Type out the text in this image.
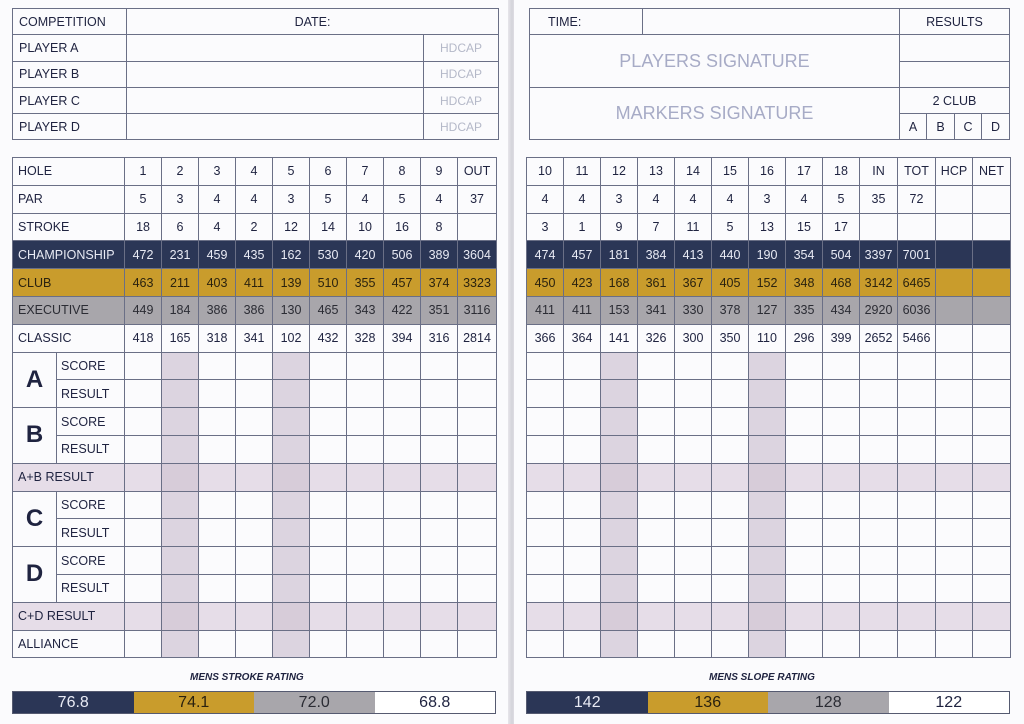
COMPETITION	DATE:	
PLAYER A		HDCAP
PLAYER B		HDCAP
PLAYER C		HDCAP
PLAYER D		HDCAP
HOLE		1	2	3	4	5	6	7	8	9	OUT
PAR		5	3	4	4	3	5	4	5	4	37
STROKE		18	6	4	2	12	14	10	16	8	
CHAMPIONSHIP		472	231	459	435	162	530	420	506	389	3604
CLUB		463	211	403	411	139	510	355	457	374	3323
EXECUTIVE		449	184	386	386	130	465	343	422	351	3116
CLASSIC		418	165	318	341	102	432	328	394	316	2814
A	SCORE										
	RESULT										
B	SCORE										
	RESULT										
A+B RESULT											
C	SCORE										
	RESULT										
D	SCORE										
	RESULT										
C+D RESULT											
ALLIANCE											
MENS STROKE RATING
76.8	74.1	72.0	68.8
TIME:		RESULTS			
PLAYERS SIGNATURE					

MARKERS SIGNATURE		2 CLUB			
		A	B	C	D
10	11	12	13	14	15	16	17	18	IN	TOT	HCP	NET
4	4	3	4	4	4	3	4	5	35	72		
3	1	9	7	11	5	13	15	17				
474	457	181	384	413	440	190	354	504	3397	7001		
450	423	168	361	367	405	152	348	468	3142	6465		
411	411	153	341	330	378	127	335	434	2920	6036		
366	364	141	326	300	350	110	296	399	2652	5466		

MENS SLOPE RATING
142	136	128	122
